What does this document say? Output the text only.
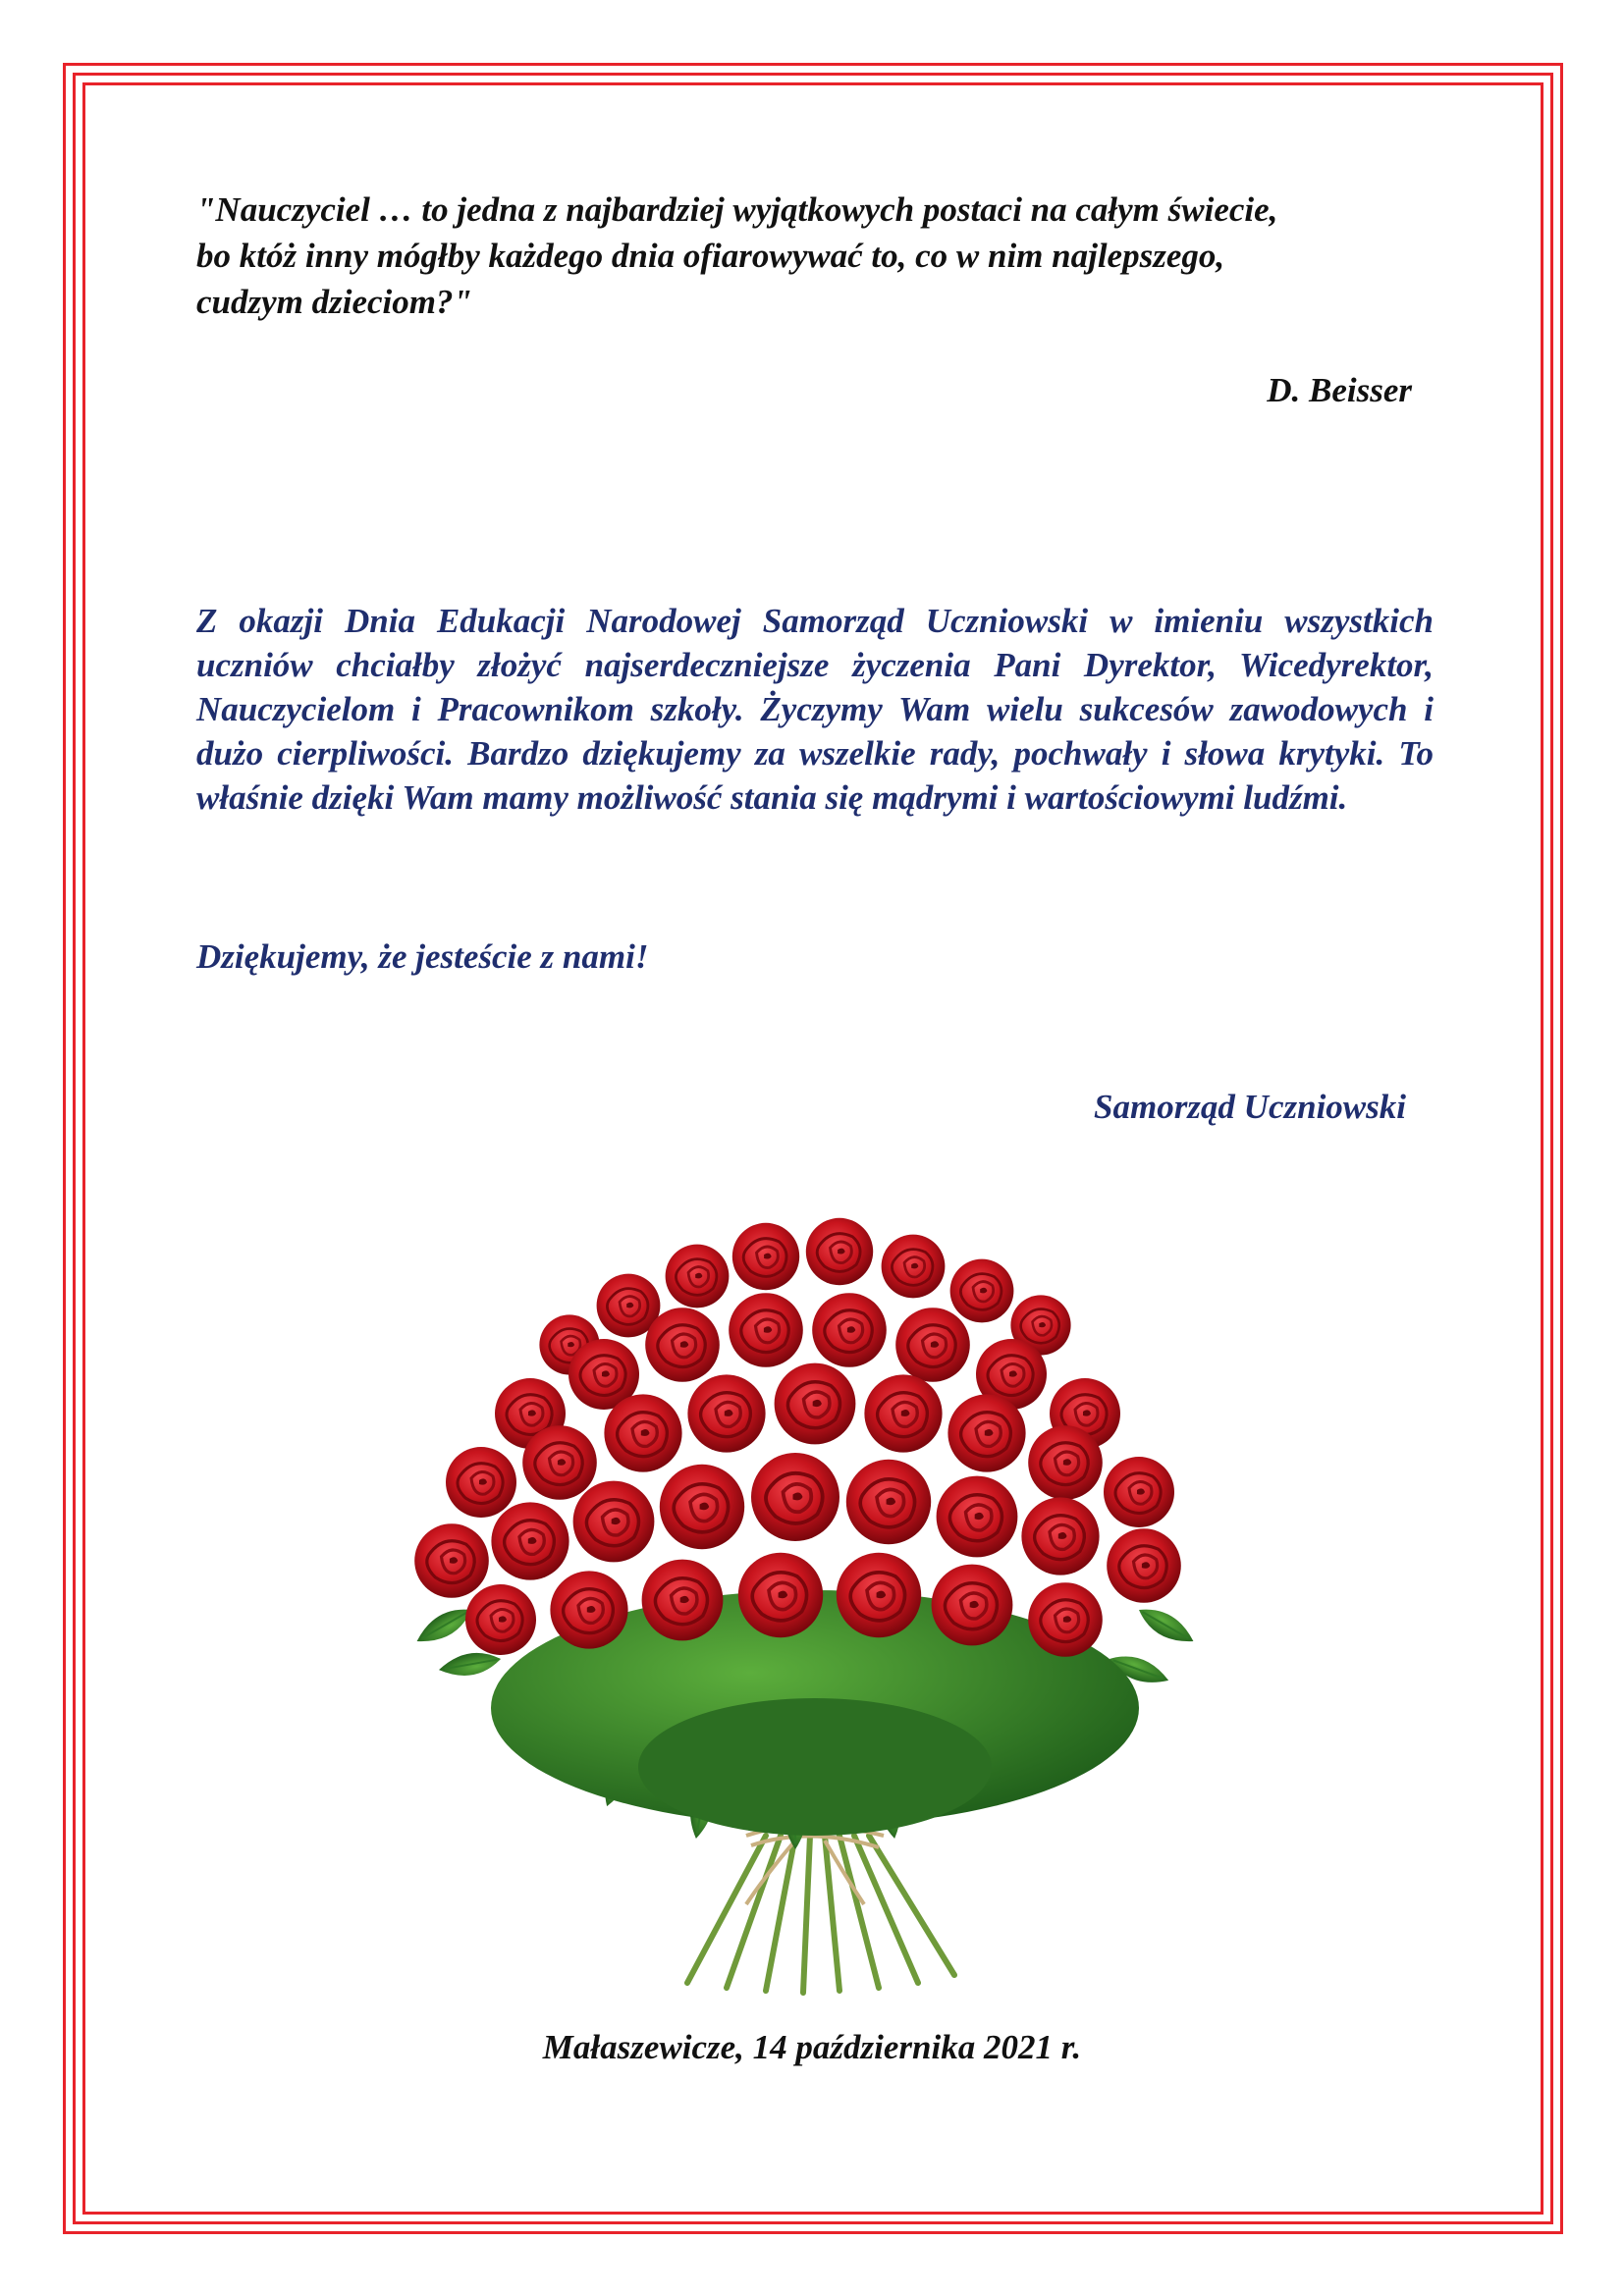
"Nauczyciel … to jedna z najbardziej wyjątkowych postaci na całym świecie,
bo któż inny mógłby każdego dnia ofiarowywać to, co w nim najlepszego,
cudzym dzieciom?"

D. Beisser

Z okazji Dnia Edukacji Narodowej Samorząd Uczniowski w imieniu wszystkich uczniów chciałby złożyć najserdeczniejsze życzenia Pani Dyrektor, Wicedyrektor, Nauczycielom i Pracownikom szkoły. Życzymy Wam wielu sukcesów zawodowych i dużo cierpliwości. Bardzo dziękujemy za wszelkie rady, pochwały i słowa krytyki. To właśnie dzięki Wam mamy możliwość stania się mądrymi i wartościowymi ludźmi.

Dziękujemy, że jesteście z nami!

Samorząd Uczniowski

Małaszewicze, 14 października 2021 r.
